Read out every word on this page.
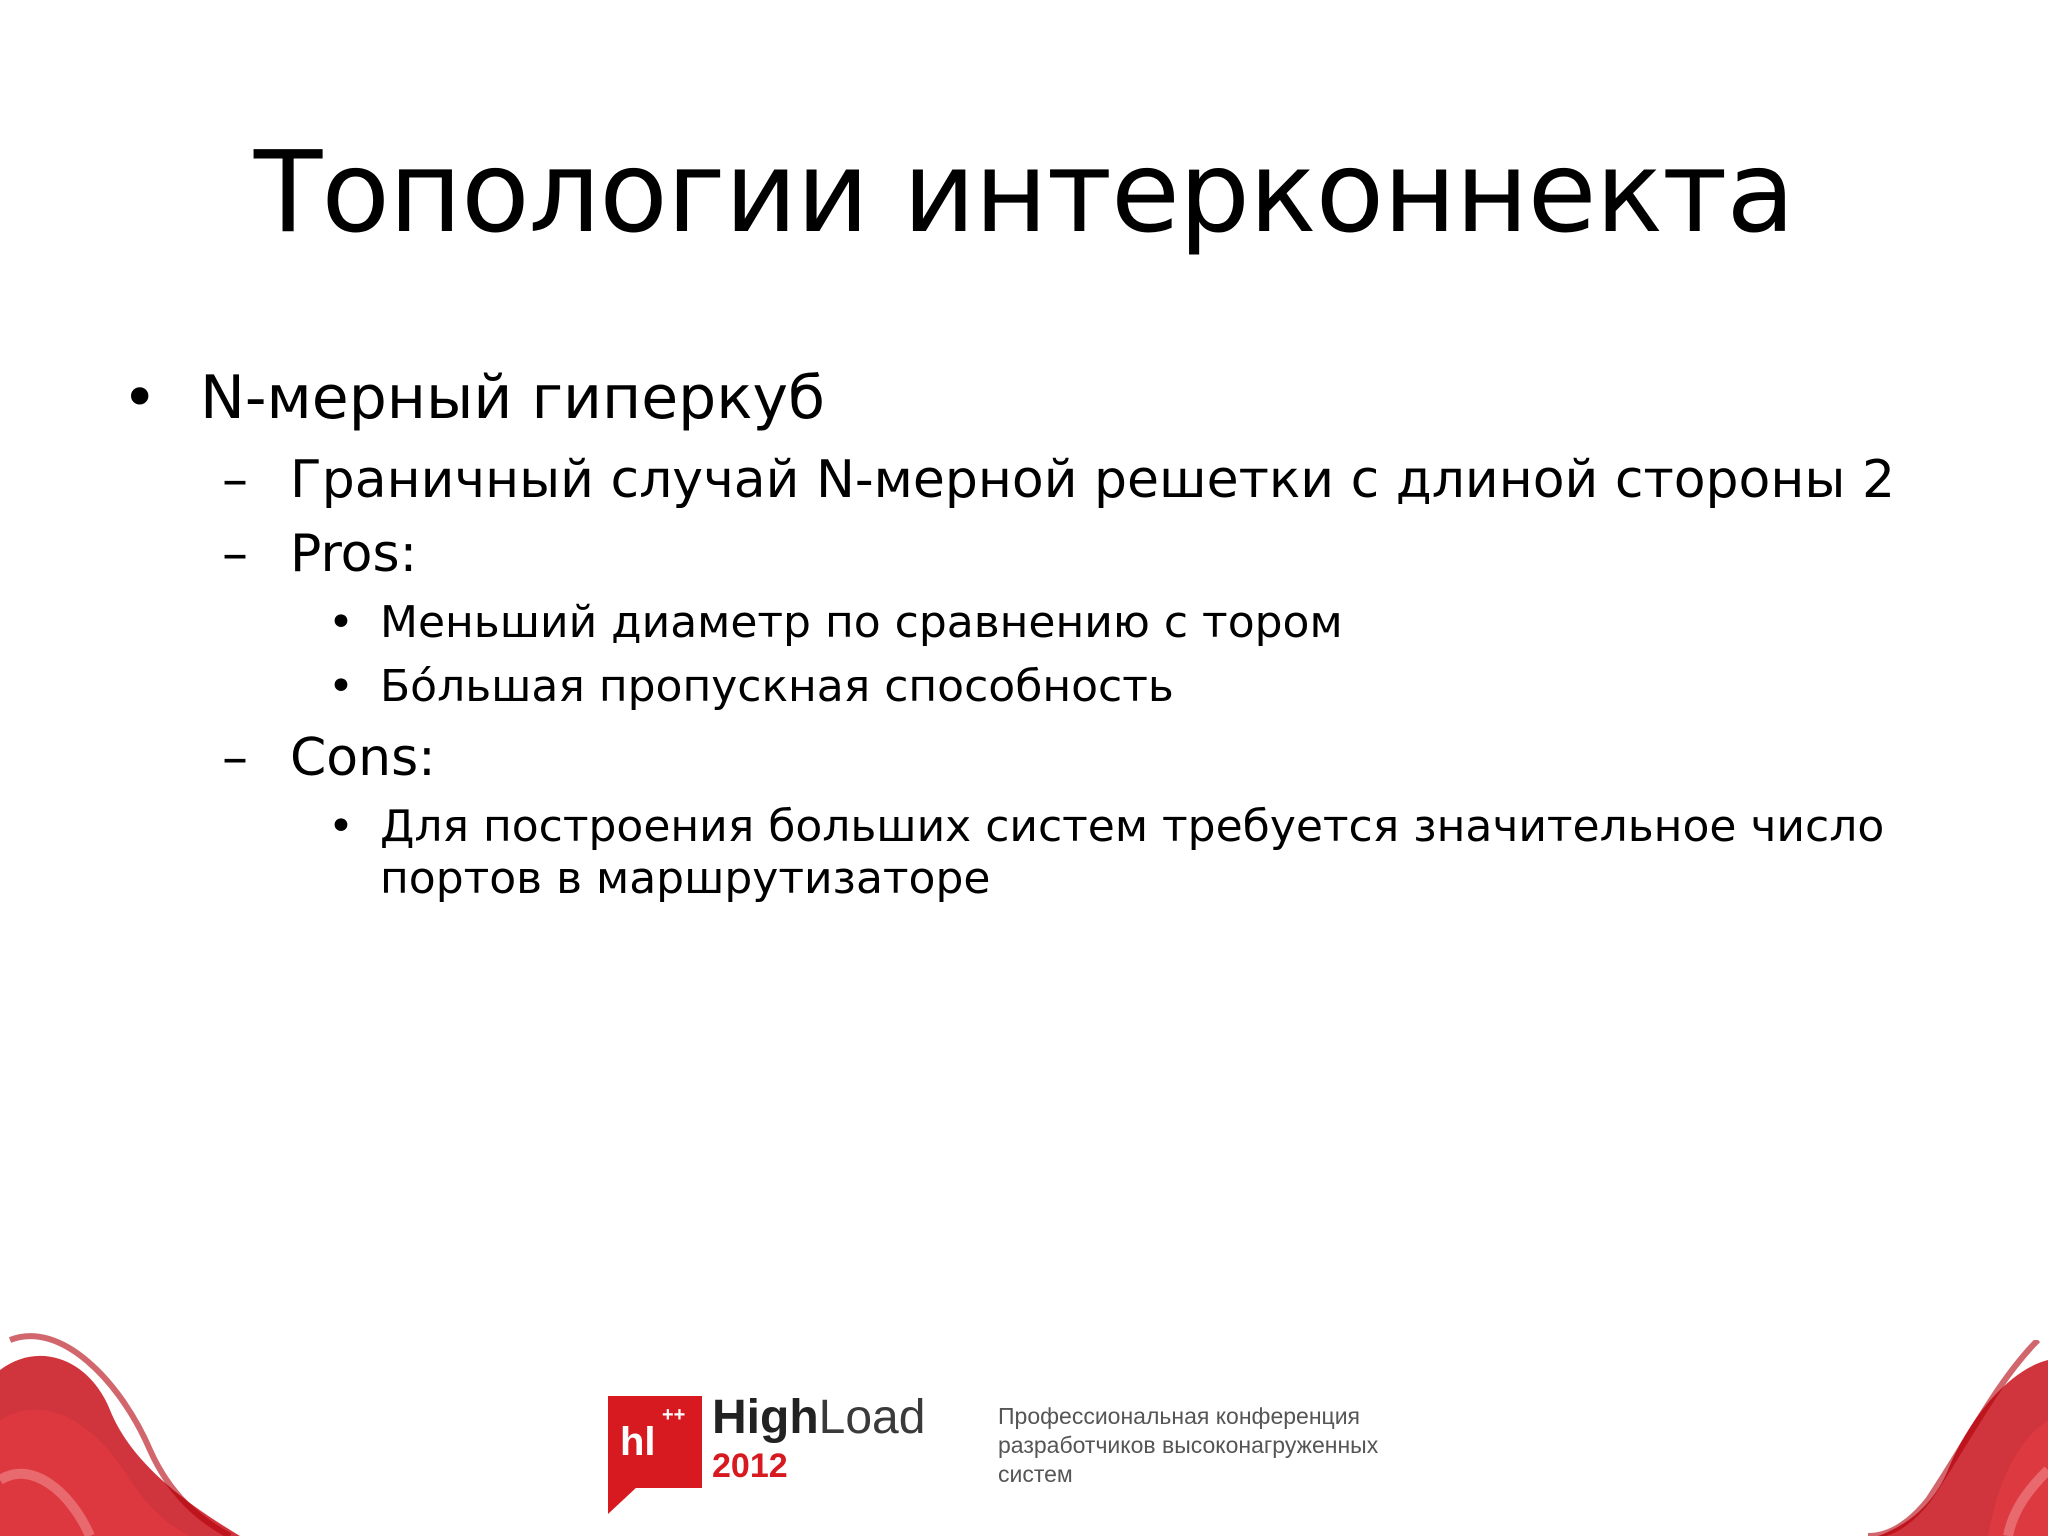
Топологии интерконнекта
• N-мерный гиперкуб
– Граничный случай N-мерной решетки с длиной стороны 2
– Pros:
• Меньший диаметр по сравнению с тором
• Бóльшая пропускная способность
– Cons:
• Для построения больших систем требуется значительное число
портов в маршрутизаторе
hl
++ HighLoad
2012
Профессиональная конференция
разработчиков высоконагруженных
систем
